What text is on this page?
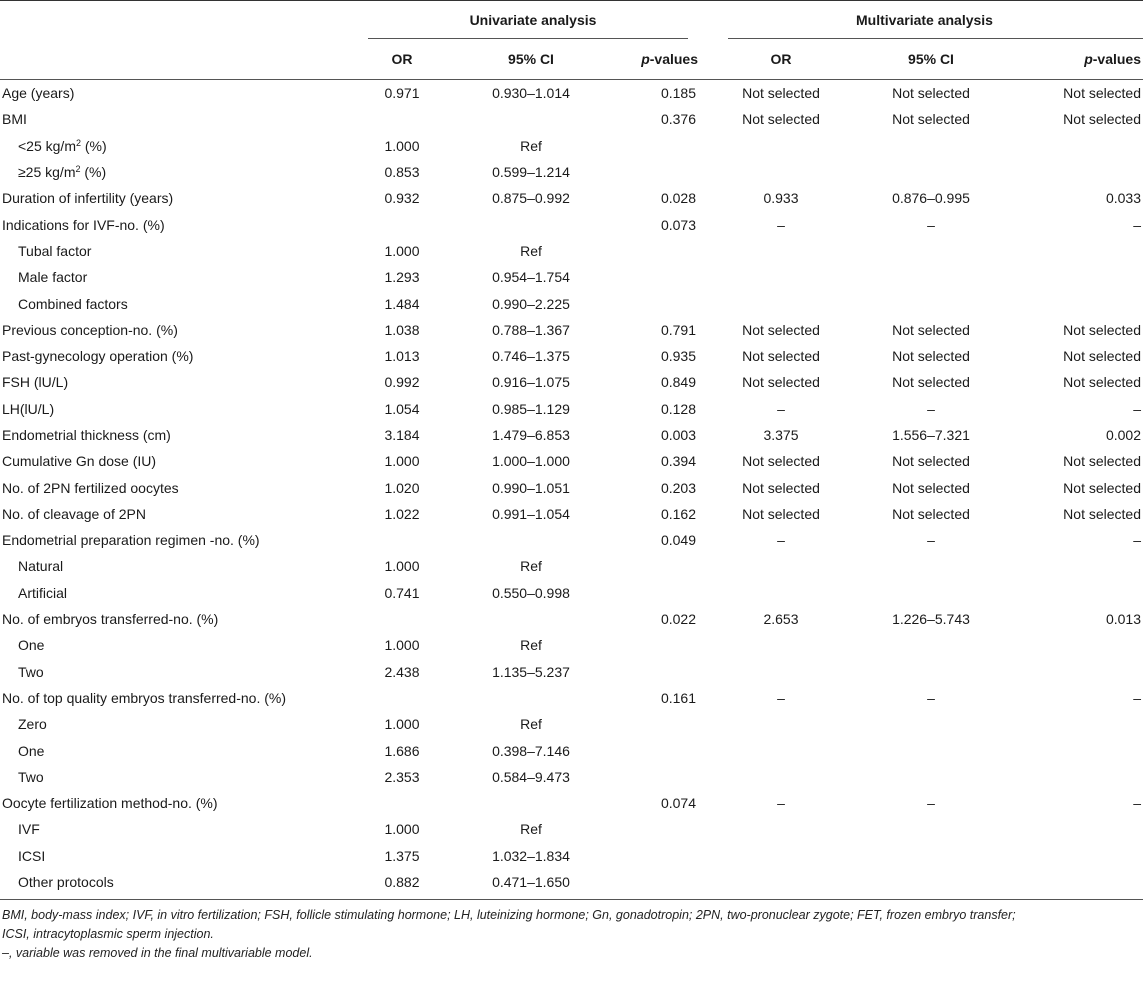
	Univariate analysis			Multivariate analysis		

	OR	95% CI	p-values	OR	95% CI	p-values
Age (years)	0.971	0.930–1.014	0.185	Not selected	Not selected	Not selected
BMI			0.376	Not selected	Not selected	Not selected
<25 $kg/m^2$ (%)	1.000	Ref				
≥25 $kg/m^2$ (%)	0.853	0.599–1.214				
Duration of infertility (years)	0.932	0.875–0.992	0.028	0.933	0.876–0.995	0.033
Indications for IVF-no. (%)			0.073	–	–	–
Tubal factor	1.000	Ref				
Male factor	1.293	0.954–1.754				
Combined factors	1.484	0.990–2.225				
Previous conception-no. (%)	1.038	0.788–1.367	0.791	Not selected	Not selected	Not selected
Past-gynecology operation (%)	1.013	0.746–1.375	0.935	Not selected	Not selected	Not selected
FSH (lU/L)	0.992	0.916–1.075	0.849	Not selected	Not selected	Not selected
LH(lU/L)	1.054	0.985–1.129	0.128	–	–	–
Endometrial thickness (cm)	3.184	1.479–6.853	0.003	3.375	1.556–7.321	0.002
Cumulative Gn dose (IU)	1.000	1.000–1.000	0.394	Not selected	Not selected	Not selected
No. of 2PN fertilized oocytes	1.020	0.990–1.051	0.203	Not selected	Not selected	Not selected
No. of cleavage of 2PN	1.022	0.991–1.054	0.162	Not selected	Not selected	Not selected
Endometrial preparation regimen -no. (%)			0.049	–	–	–
Natural	1.000	Ref				
Artificial	0.741	0.550–0.998				
No. of embryos transferred-no. (%)			0.022	2.653	1.226–5.743	0.013
One	1.000	Ref				
Two	2.438	1.135–5.237				
No. of top quality embryos transferred-no. (%)			0.161	–	–	–
Zero	1.000	Ref				
One	1.686	0.398–7.146				
Two	2.353	0.584–9.473				
Oocyte fertilization method-no. (%)			0.074	–	–	–
IVF	1.000	Ref				
ICSI	1.375	1.032–1.834				
Other protocols	0.882	0.471–1.650				
BMI, body-mass index; IVF, in vitro fertilization; FSH, follicle stimulating hormone; LH, luteinizing hormone; Gn, gonadotropin; 2PN, two-pronuclear zygote; FET, frozen embryo transfer;
ICSI, intracytoplasmic sperm injection.
–, variable was removed in the final multivariable model.
